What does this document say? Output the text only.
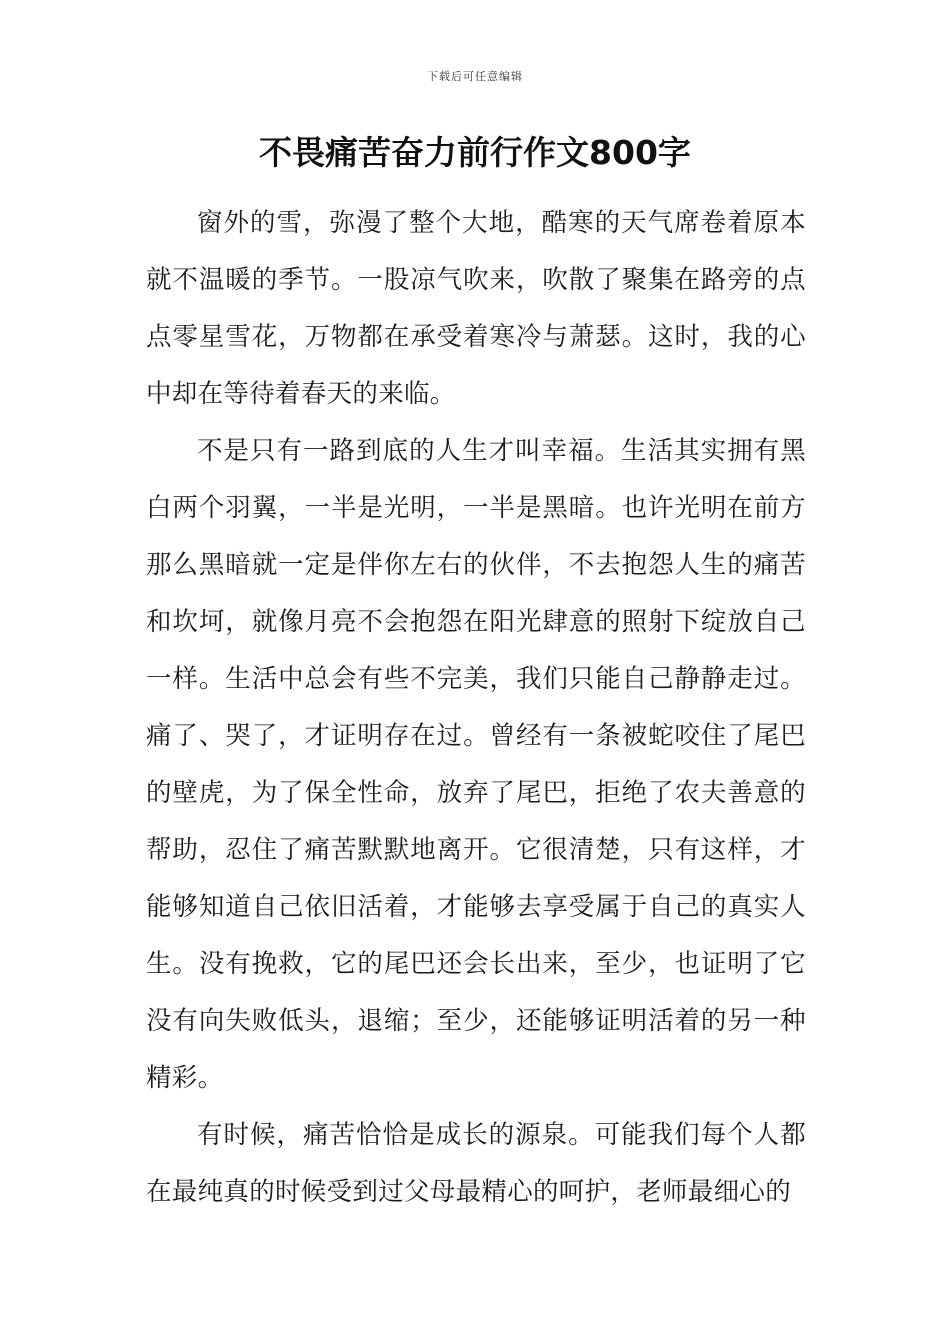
下载后可任意编辑
不畏痛苦奋力前行作文800字

窗外的雪，弥漫了整个大地，酷寒的天气席卷着原本就不温暖的季节。一股凉气吹来，吹散了聚集在路旁的点点零星雪花，万物都在承受着寒冷与萧瑟。这时，我的心中却在等待着春天的来临。

不是只有一路到底的人生才叫幸福。生活其实拥有黑白两个羽翼，一半是光明，一半是黑暗。也许光明在前方那么黑暗就一定是伴你左右的伙伴，不去抱怨人生的痛苦和坎坷，就像月亮不会抱怨在阳光肆意的照射下绽放自己一样。生活中总会有些不完美，我们只能自己静静走过。痛了、哭了，才证明存在过。曾经有一条被蛇咬住了尾巴的壁虎，为了保全性命，放弃了尾巴，拒绝了农夫善意的帮助，忍住了痛苦默默地离开。它很清楚，只有这样，才能够知道自己依旧活着，才能够去享受属于自己的真实人生。没有挽救，它的尾巴还会长出来，至少，也证明了它没有向失败低头，退缩；至少，还能够证明活着的另一种精彩。

有时候，痛苦恰恰是成长的源泉。可能我们每个人都在最纯真的时候受到过父母最精心的呵护，老师最细心的
